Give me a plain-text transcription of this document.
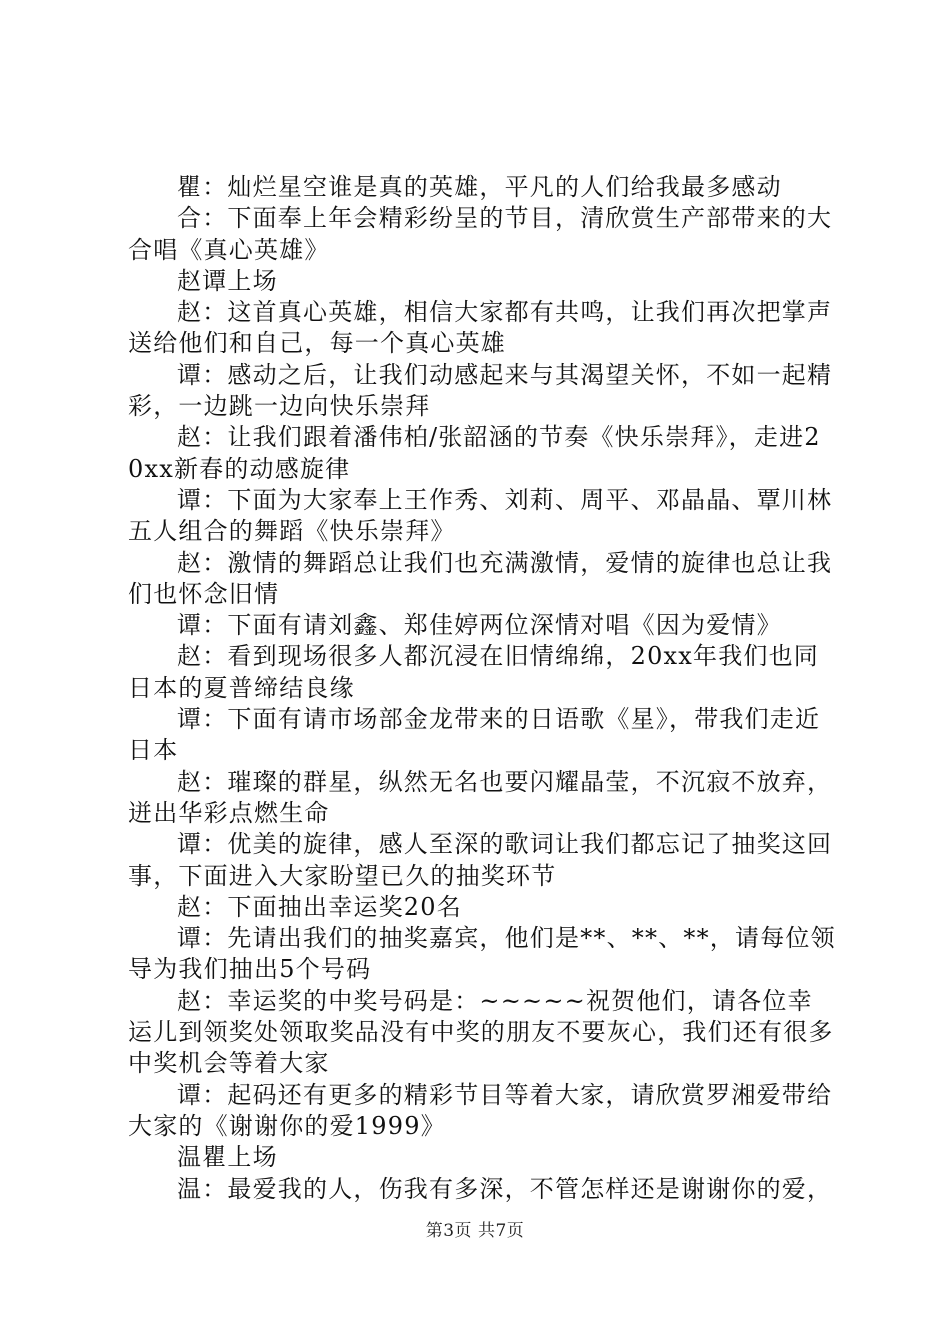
瞿：灿烂星空谁是真的英雄，平凡的人们给我最多感动

合：下面奉上年会精彩纷呈的节目，清欣赏生产部带来的大合唱《真心英雄》

赵谭上场

赵：这首真心英雄，相信大家都有共鸣，让我们再次把掌声送给他们和自己，每一个真心英雄

谭：感动之后，让我们动感起来与其渴望关怀，不如一起精彩，一边跳一边向快乐崇拜

赵：让我们跟着潘伟柏/张韶涵的节奏《快乐崇拜》，走进20xx新春的动感旋律

谭：下面为大家奉上王作秀、刘莉、周平、邓晶晶、覃川林五人组合的舞蹈《快乐崇拜》

赵：激情的舞蹈总让我们也充满激情，爱情的旋律也总让我们也怀念旧情

谭：下面有请刘鑫、郑佳婷两位深情对唱《因为爱情》

赵：看到现场很多人都沉浸在旧情绵绵，20xx年我们也同日本的夏普缔结良缘

谭：下面有请市场部金龙带来的日语歌《星》，带我们走近日本

赵：璀璨的群星，纵然无名也要闪耀晶莹，不沉寂不放弃，迸出华彩点燃生命

谭：优美的旋律，感人至深的歌词让我们都忘记了抽奖这回事，下面进入大家盼望已久的抽奖环节

赵：下面抽出幸运奖20名

谭：先请出我们的抽奖嘉宾，他们是**、**、**，请每位领导为我们抽出5个号码

赵：幸运奖的中奖号码是：~~~~~祝贺他们，请各位幸运儿到领奖处领取奖品没有中奖的朋友不要灰心，我们还有很多中奖机会等着大家

谭：起码还有更多的精彩节目等着大家，请欣赏罗湘爱带给大家的《谢谢你的爱1999》

温瞿上场

温：最爱我的人，伤我有多深，不管怎样还是谢谢你的爱，

第3页 共7页
